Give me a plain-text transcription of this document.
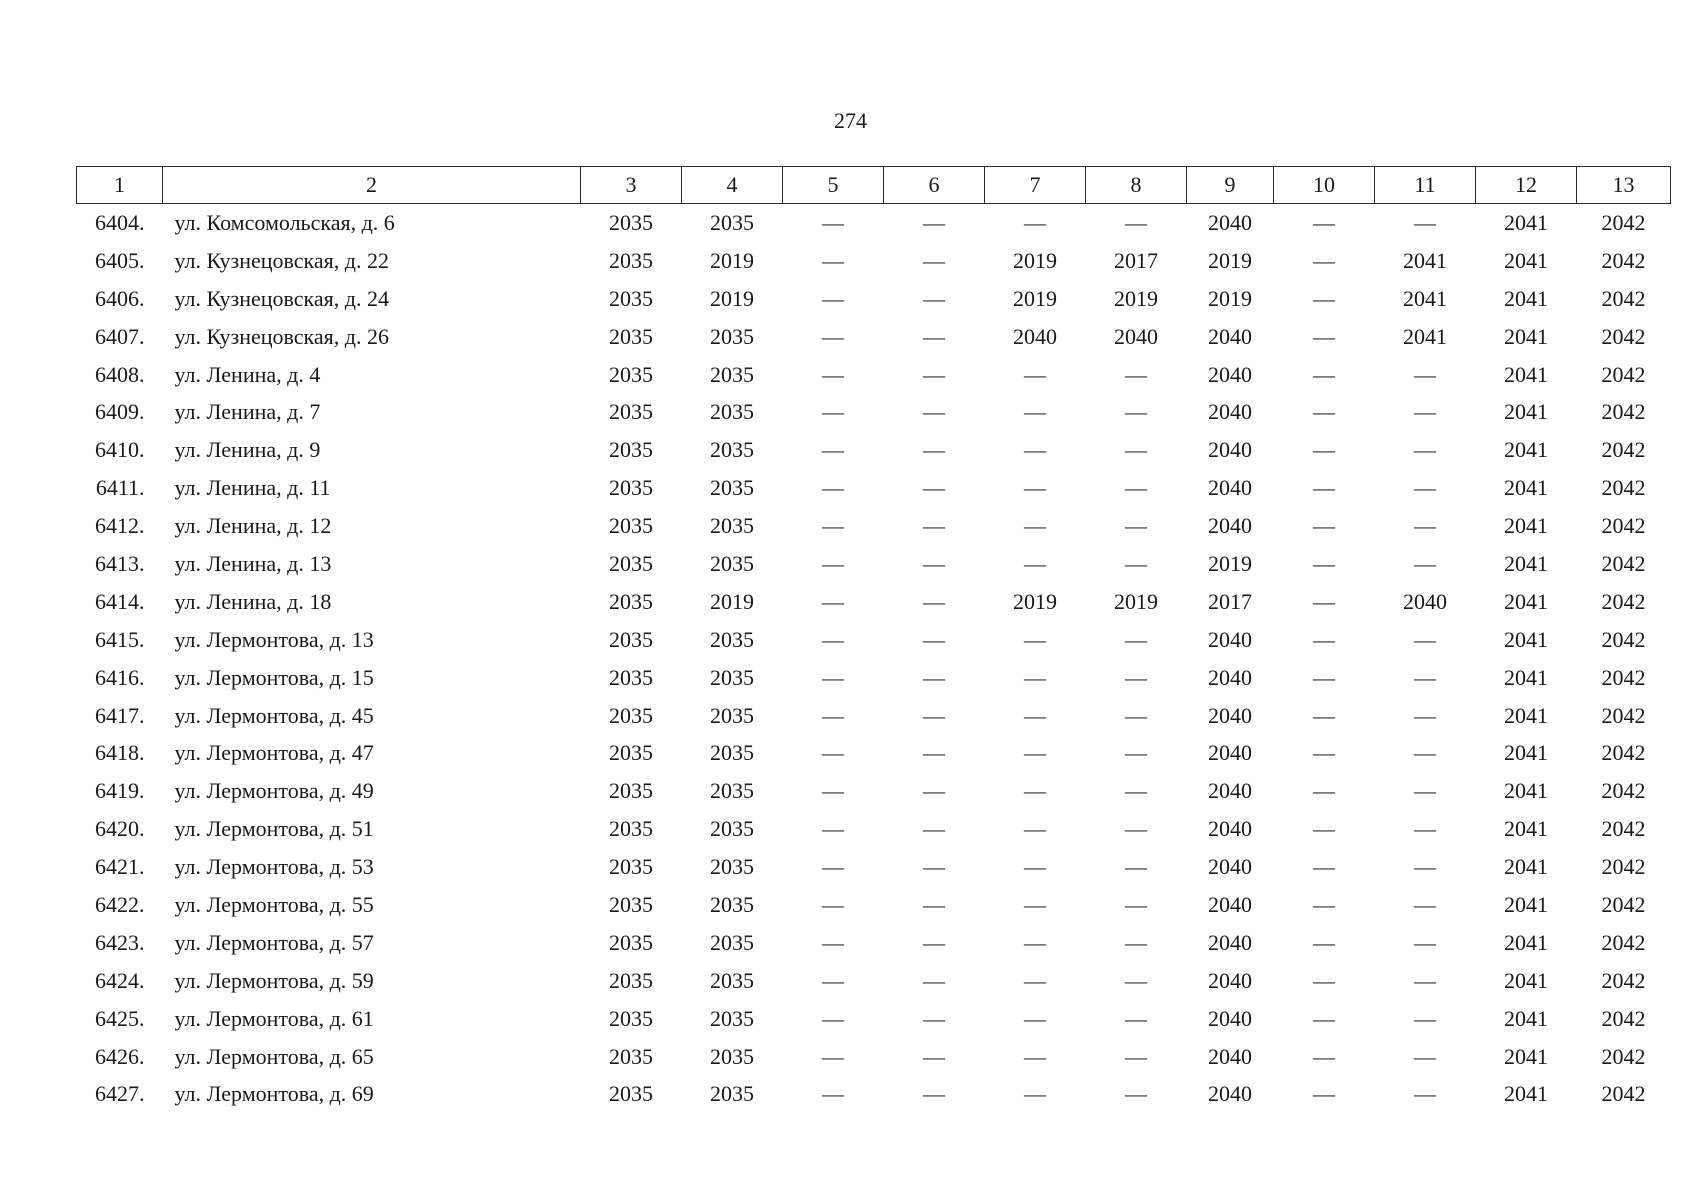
274
1	2	3	4	5	6	7	8	9	10	11	12	13
6404.	ул. Комсомольская, д. 6	2035	2035	—	—	—	—	2040	—	—	2041	2042
6405.	ул. Кузнецовская, д. 22	2035	2019	—	—	2019	2017	2019	—	2041	2041	2042
6406.	ул. Кузнецовская, д. 24	2035	2019	—	—	2019	2019	2019	—	2041	2041	2042
6407.	ул. Кузнецовская, д. 26	2035	2035	—	—	2040	2040	2040	—	2041	2041	2042
6408.	ул. Ленина, д. 4	2035	2035	—	—	—	—	2040	—	—	2041	2042
6409.	ул. Ленина, д. 7	2035	2035	—	—	—	—	2040	—	—	2041	2042
6410.	ул. Ленина, д. 9	2035	2035	—	—	—	—	2040	—	—	2041	2042
6411.	ул. Ленина, д. 11	2035	2035	—	—	—	—	2040	—	—	2041	2042
6412.	ул. Ленина, д. 12	2035	2035	—	—	—	—	2040	—	—	2041	2042
6413.	ул. Ленина, д. 13	2035	2035	—	—	—	—	2019	—	—	2041	2042
6414.	ул. Ленина, д. 18	2035	2019	—	—	2019	2019	2017	—	2040	2041	2042
6415.	ул. Лермонтова, д. 13	2035	2035	—	—	—	—	2040	—	—	2041	2042
6416.	ул. Лермонтова, д. 15	2035	2035	—	—	—	—	2040	—	—	2041	2042
6417.	ул. Лермонтова, д. 45	2035	2035	—	—	—	—	2040	—	—	2041	2042
6418.	ул. Лермонтова, д. 47	2035	2035	—	—	—	—	2040	—	—	2041	2042
6419.	ул. Лермонтова, д. 49	2035	2035	—	—	—	—	2040	—	—	2041	2042
6420.	ул. Лермонтова, д. 51	2035	2035	—	—	—	—	2040	—	—	2041	2042
6421.	ул. Лермонтова, д. 53	2035	2035	—	—	—	—	2040	—	—	2041	2042
6422.	ул. Лермонтова, д. 55	2035	2035	—	—	—	—	2040	—	—	2041	2042
6423.	ул. Лермонтова, д. 57	2035	2035	—	—	—	—	2040	—	—	2041	2042
6424.	ул. Лермонтова, д. 59	2035	2035	—	—	—	—	2040	—	—	2041	2042
6425.	ул. Лермонтова, д. 61	2035	2035	—	—	—	—	2040	—	—	2041	2042
6426.	ул. Лермонтова, д. 65	2035	2035	—	—	—	—	2040	—	—	2041	2042
6427.	ул. Лермонтова, д. 69	2035	2035	—	—	—	—	2040	—	—	2041	2042
